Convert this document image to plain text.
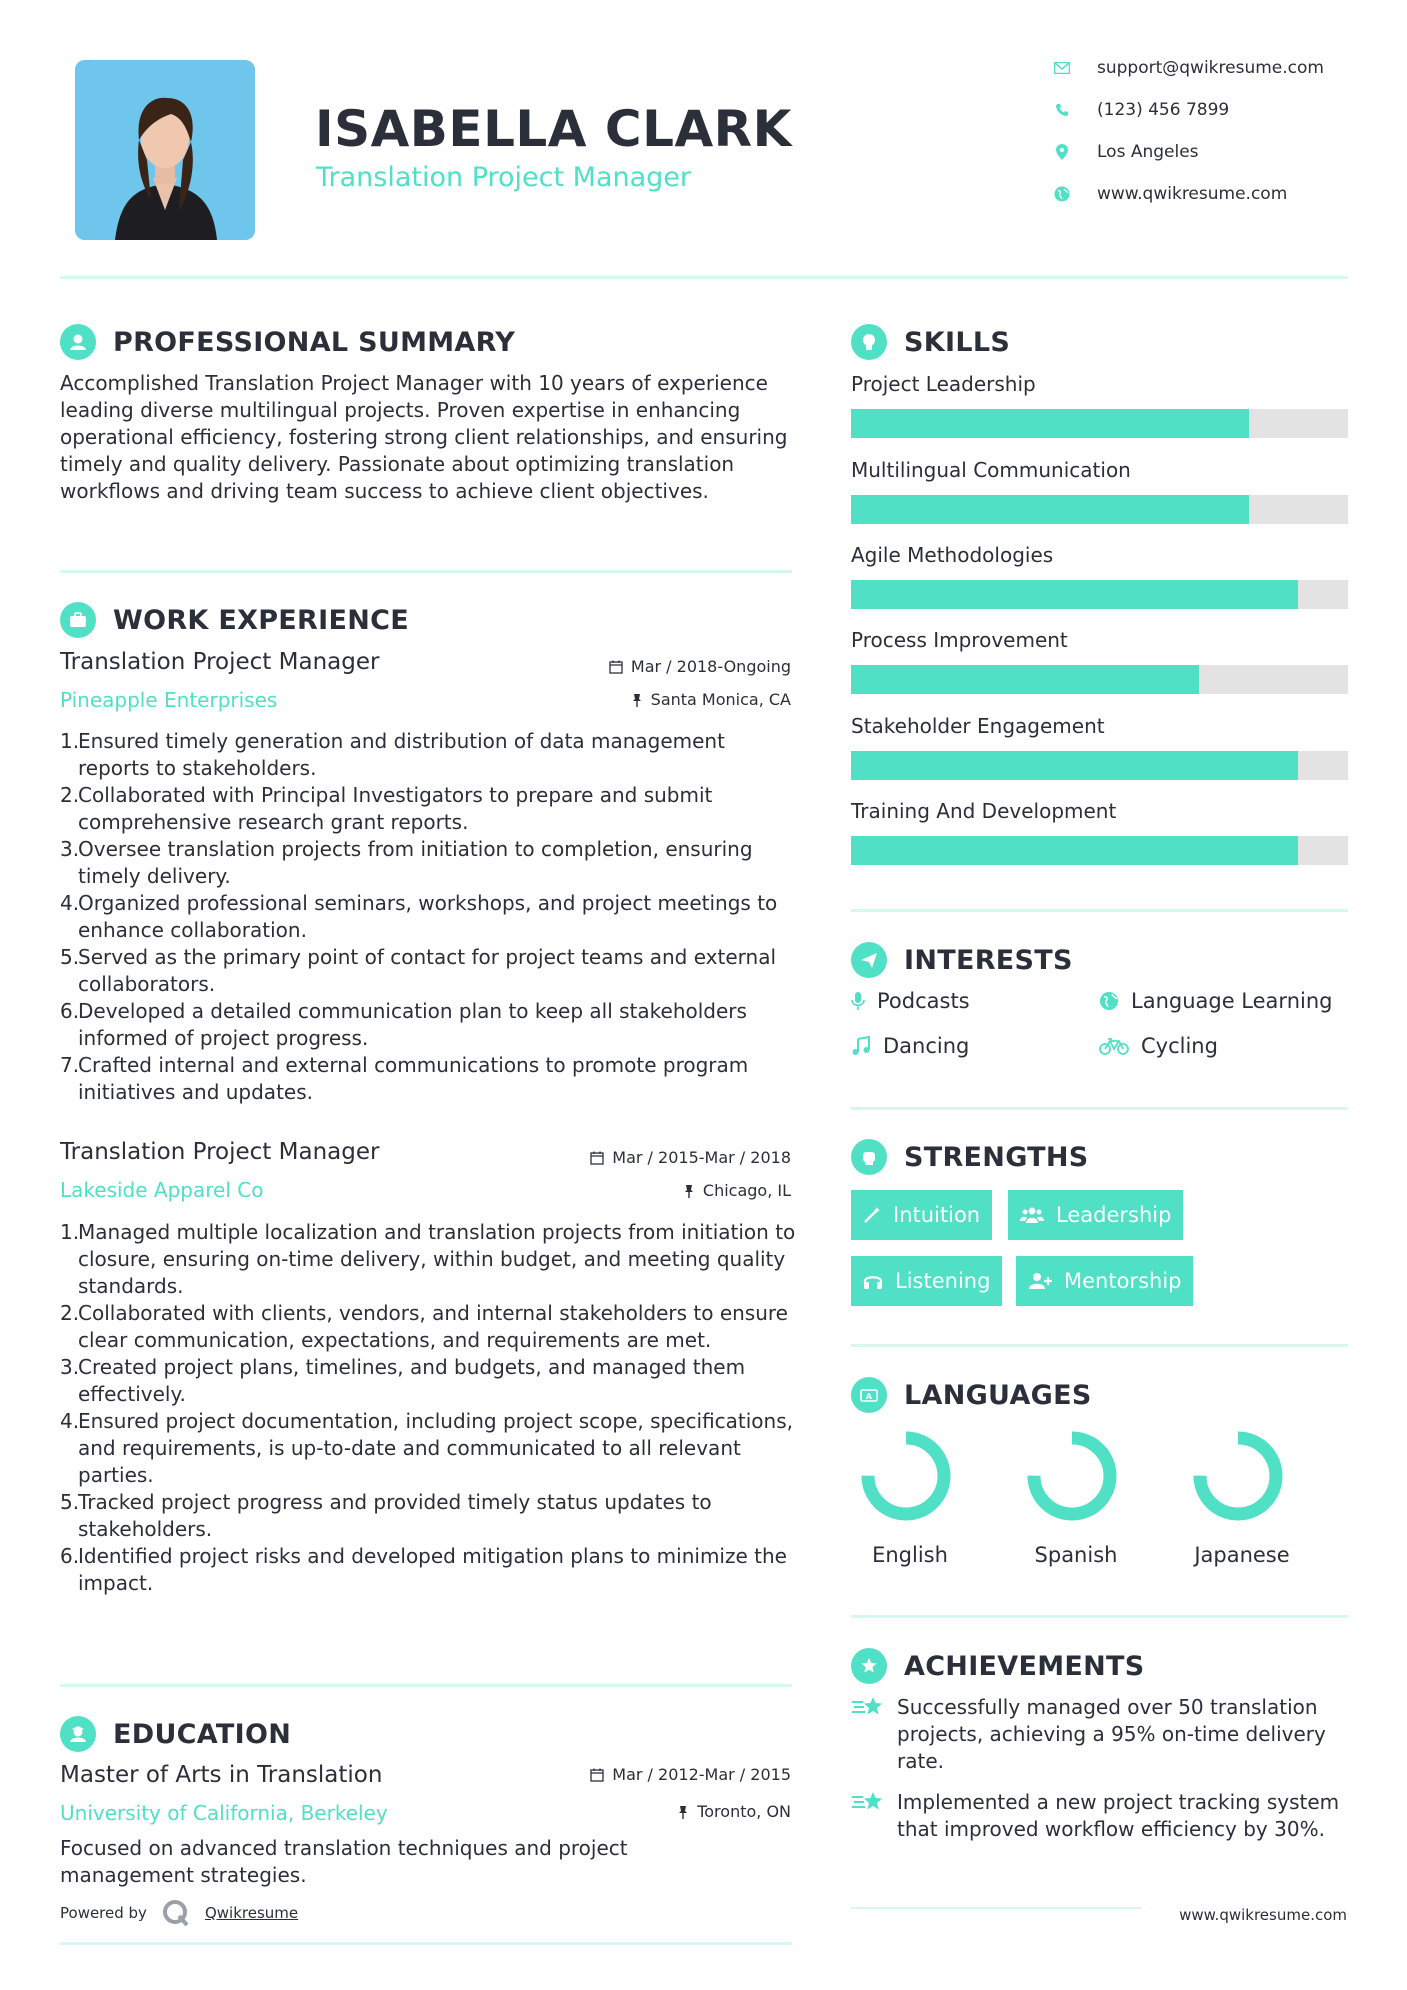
ISABELLA CLARK
Translation Project Manager
support@qwikresume.com
(123) 456 7899
Los Angeles
www.qwikresume.com
PROFESSIONAL SUMMARY
Accomplished Translation Project Manager with 10 years of experience leading diverse multilingual projects. Proven expertise in enhancing operational efficiency, fostering strong client relationships, and ensuring timely and quality delivery. Passionate about optimizing translation workflows and driving team success to achieve client objectives.
WORK EXPERIENCE
Translation Project Manager	Mar / 2018-Ongoing
Pineapple Enterprises	Santa Monica, CA
1.
Ensured timely generation and distribution of data management reports to stakeholders.
2.
Collaborated with Principal Investigators to prepare and submit comprehensive research grant reports.
3.
Oversee translation projects from initiation to completion, ensuring timely delivery.
4.
Organized professional seminars, workshops, and project meetings to enhance collaboration.
5.
Served as the primary point of contact for project teams and external collaborators.
6.
Developed a detailed communication plan to keep all stakeholders informed of project progress.
7.
Crafted internal and external communications to promote program initiatives and updates.
Translation Project Manager	Mar / 2015-Mar / 2018
Lakeside Apparel Co	Chicago, IL
1.
Managed multiple localization and translation projects from initiation to closure, ensuring on-time delivery, within budget, and meeting quality standards.
2.
Collaborated with clients, vendors, and internal stakeholders to ensure clear communication, expectations, and requirements are met.
3.
Created project plans, timelines, and budgets, and managed them effectively.
4.
Ensured project documentation, including project scope, specifications, and requirements, is up-to-date and communicated to all relevant parties.
5.
Tracked project progress and provided timely status updates to stakeholders.
6.
Identified project risks and developed mitigation plans to minimize the impact.
EDUCATION
Master of Arts in Translation	Mar / 2012-Mar / 2015
University of California, Berkeley	Toronto, ON
Focused on advanced translation techniques and project management strategies.
Powered by	Qwikresume
SKILLS
Project Leadership
Multilingual Communication
Agile Methodologies
Process Improvement
Stakeholder Engagement
Training And Development
INTERESTS
Podcasts	Language Learning
Dancing	Cycling
STRENGTHS
Intuition	Leadership
Listening	Mentorship
A LANGUAGES
English	Spanish	Japanese
ACHIEVEMENTS
Successfully managed over 50 translation projects, achieving a 95% on-time delivery rate.
Implemented a new project tracking system that improved workflow efficiency by 30%.
www.qwikresume.com
